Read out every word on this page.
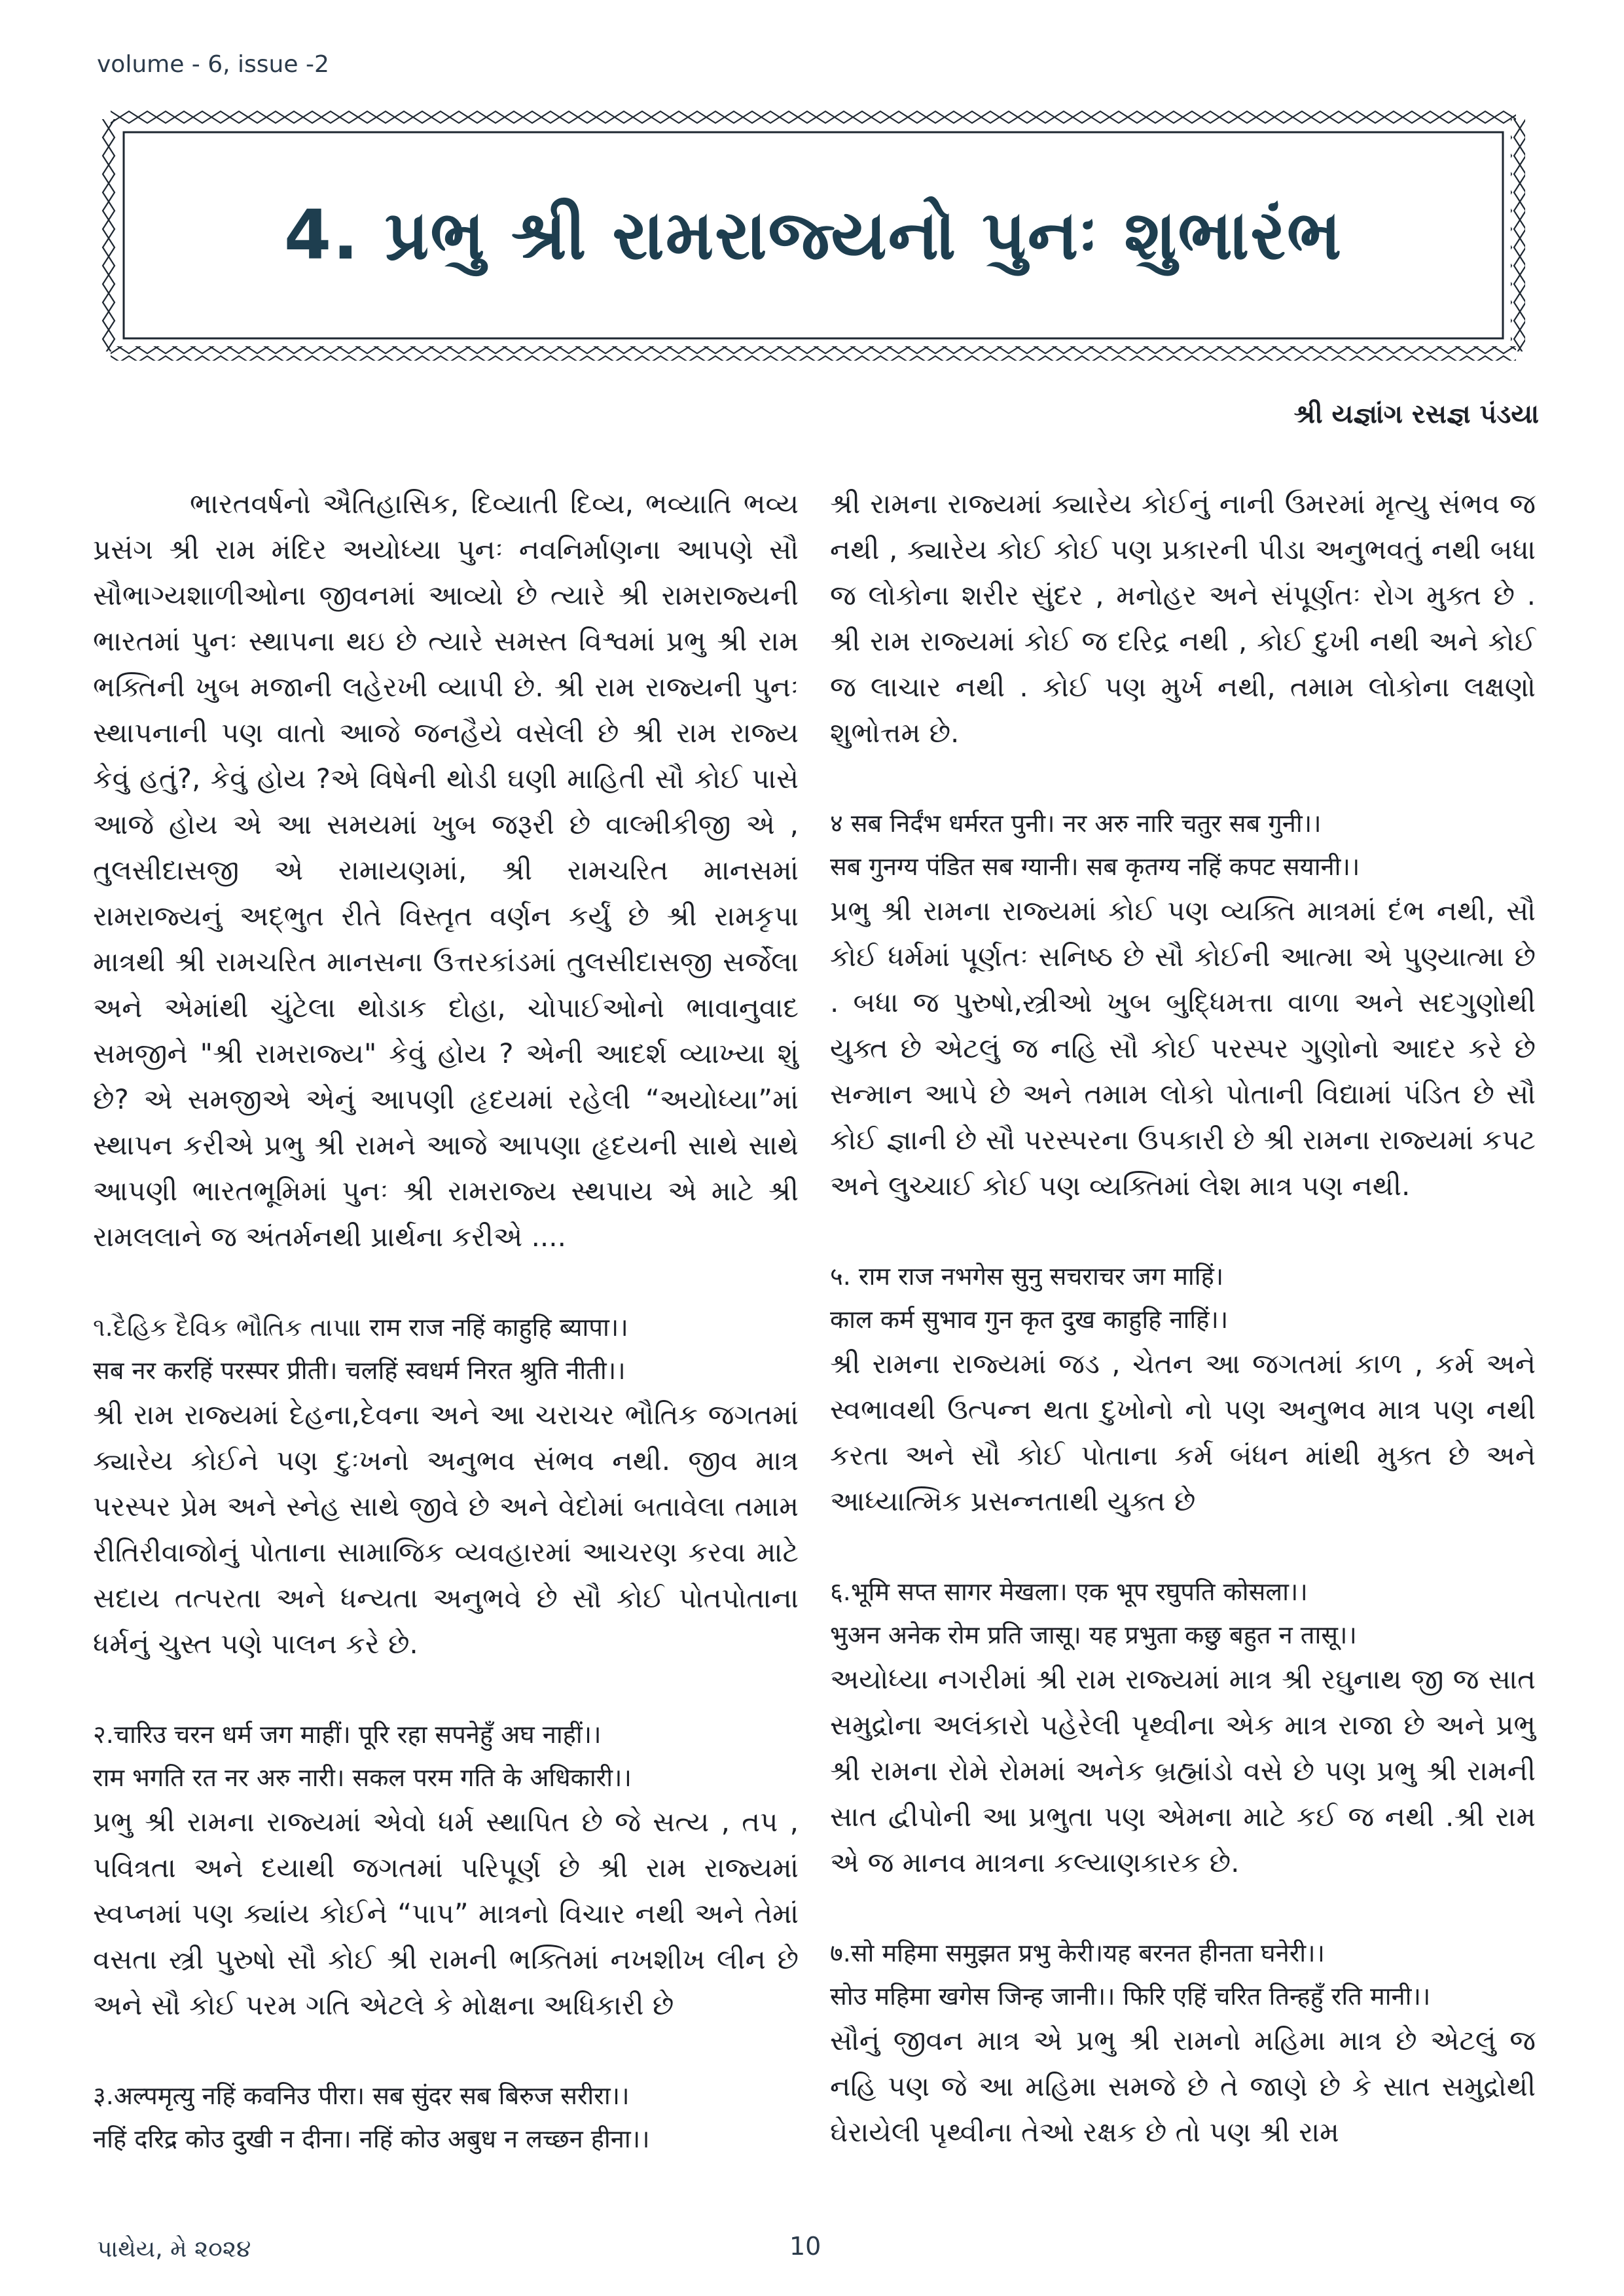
volume - 6, issue -2
4. પ્રભુ શ્રી રામરાજ્યનો પુનઃ શુભારંભ
શ્રી યજ્ઞાંગ રસજ્ઞ પંડયા

ભારતવર્ષનો ઐતિહાસિક, દિવ્યાતી દિવ્ય, ભવ્યાતિ ભવ્ય પ્રસંગ શ્રી રામ મંદિર અયોધ્યા પુનઃ નવનિર્માણના આપણે સૌ સૌભાગ્યશાળીઓના જીવનમાં આવ્યો છે ત્યારે શ્રી રામરાજ્યની ભારતમાં પુનઃ સ્થાપના થઇ છે ત્યારે સમસ્ત વિશ્વમાં પ્રભુ શ્રી રામ ભક્તિની ખુબ મજાની લહેરખી વ્યાપી છે. શ્રી રામ રાજ્યની પુનઃ સ્થાપનાની પણ વાતો આજે જનહૈયે વસેલી છે શ્રી રામ રાજ્ય કેવું હતું?, કેવું હોય ?એ વિષેની થોડી ઘણી માહિતી સૌ કોઈ પાસે આજે હોય એ આ સમયમાં ખુબ જરૂરી છે વાલ્મીકીજી એ , તુલસીદાસજી એ રામાયણમાં, શ્રી રામચરિત માનસમાં રામરાજ્યનું અદ્ભુત રીતે વિસ્તૃત વર્ણન કર્યું છે શ્રી રામકૃપા માત્રથી શ્રી રામચરિત માનસના ઉત્તરકાંડમાં તુલસીદાસજી સર્જેલા અને એમાંથી ચુંટેલા થોડાક દોહા, ચોપાઈઓનો ભાવાનુવાદ સમજીને "શ્રી રામરાજ્ય" કેવું હોય ? એની આદર્શ વ્યાખ્યા શું છે? એ સમજીએ એનું આપણી હૃદયમાં રહેલી “અયોધ્યા”માં સ્થાપન કરીએ પ્રભુ શ્રી રામને આજે આપણા હૃદયની સાથે સાથે આપણી ભારતભૂમિમાં પુનઃ શ્રી રામરાજ્ય સ્થપાય એ માટે શ્રી રામલલાને જ અંતર્મનથી પ્રાર્થના કરીએ ....

૧.દૈહિક દૈવિક ભૌતિક તાપા। राम राज नहिं काहुहि ब्यापा।।

सब नर करहिं परस्पर प्रीती। चलहिं स्वधर्म निरत श्रुति नीती।।

શ્રી રામ રાજ્યમાં દેહના,દેવના અને આ ચરાચર ભૌતિક જગતમાં ક્યારેય કોઈને પણ દુઃખનો અનુભવ સંભવ નથી. જીવ માત્ર પરસ્પર પ્રેમ અને સ્નેહ સાથે જીવે છે અને વેદોમાં બતાવેલા તમામ રીતિરીવાજોનું પોતાના સામાજિક વ્યવહારમાં આચરણ કરવા માટે સદાય તત્પરતા અને ધન્યતા અનુભવે છે સૌ કોઈ પોતપોતાના ધર્મનું ચુસ્ત પણે પાલન કરે છે.

२.चारिउ चरन धर्म जग माहीं। पूरि रहा सपनेहुँ अघ नाहीं।।

राम भगति रत नर अरु नारी। सकल परम गति के अधिकारी।।

પ્રભુ શ્રી રામના રાજ્યમાં એવો ધર્મ સ્થાપિત છે જે સત્ય , તપ , પવિત્રતા અને દયાથી જગતમાં પરિપૂર્ણ છે શ્રી રામ રાજ્યમાં સ્વપ્નમાં પણ ક્યાંય કોઈને “પાપ” માત્રનો વિચાર નથી અને તેમાં વસતા સ્ત્રી પુરુષો સૌ કોઈ શ્રી રામની ભક્તિમાં નખશીખ લીન છે અને સૌ કોઈ પરમ ગતિ એટલે કે મોક્ષના અધિકારી છે

३.अल्पमृत्यु नहिं कवनिउ पीरा। सब सुंदर सब बिरुज सरीरा।।

नहिं दरिद्र कोउ दुखी न दीना। नहिं कोउ अबुध न लच्छन हीना।।

શ્રી રામના રાજ્યમાં ક્યારેય કોઈનું નાની ઉમરમાં મૃત્યુ સંભવ જ નથી , ક્યારેય કોઈ કોઈ પણ પ્રકારની પીડા અનુભવતું નથી બધા જ લોકોના શરીર સુંદર , મનોહર અને સંપૂર્ણતઃ રોગ મુક્ત છે . શ્રી રામ રાજ્યમાં કોઈ જ દરિદ્ર નથી , કોઈ દુખી નથી અને કોઈ જ લાચાર નથી . કોઈ પણ મુર્ખ નથી, તમામ લોકોના લક્ષણો શુભોત્તમ છે.

४ सब निर्दंभ धर्मरत पुनी। नर अरु नारि चतुर सब गुनी।।

सब गुनग्य पंडित सब ग्यानी। सब कृतग्य नहिं कपट सयानी।।

પ્રભુ શ્રી રામના રાજ્યમાં કોઈ પણ વ્યક્તિ માત્રમાં દંભ નથી, સૌ કોઈ ધર્મમાં પૂર્ણતઃ સનિષ્ઠ છે સૌ કોઈની આત્મા એ પુણ્યાત્મા છે . બધા જ પુરુષો,સ્ત્રીઓ ખુબ બુદ્ધિમત્તા વાળા અને સદગુણોથી યુક્ત છે એટલું જ નહિ સૌ કોઈ પરસ્પર ગુણોનો આદર કરે છે સન્માન આપે છે અને તમામ લોકો પોતાની વિદ્યામાં પંડિત છે સૌ કોઈ જ્ઞાની છે સૌ પરસ્પરના ઉપકારી છે શ્રી રામના રાજ્યમાં કપટ અને લુચ્ચાઈ કોઈ પણ વ્યક્તિમાં લેશ માત્ર પણ નથી.

५. राम राज नभगेस सुनु सचराचर जग माहिं।

काल कर्म सुभाव गुन कृत दुख काहुहि नाहिं।।

શ્રી રામના રાજ્યમાં જડ , ચેતન આ જગતમાં કાળ , કર્મ અને સ્વભાવથી ઉત્પન્ન થતા દુખોનો નો પણ અનુભવ માત્ર પણ નથી કરતા અને સૌ કોઈ પોતાના કર્મ બંધન માંથી મુક્ત છે અને આધ્યાત્મિક પ્રસન્નતાથી યુક્ત છે

६.भूमि सप्त सागर मेखला। एक भूप रघुपति कोसला।।

भुअन अनेक रोम प्रति जासू। यह प्रभुता कछु बहुत न तासू।।

અયોધ્યા નગરીમાં શ્રી રામ રાજ્યમાં માત્ર શ્રી રઘુનાથ જી જ સાત સમુદ્રોના અલંકારો પહેરેલી પૃથ્વીના એક માત્ર રાજા છે અને પ્રભુ શ્રી રામના રોમે રોમમાં અનેક બ્રહ્માંડો વસે છે પણ પ્રભુ શ્રી રામની સાત દ્વીપોની આ પ્રભુતા પણ એમના માટે કઈ જ નથી .શ્રી રામ એ જ માનવ માત્રના કલ્યાણકારક છે.

७.सो महिमा समुझत प्रभु केरी।यह बरनत हीनता घनेरी।।

सोउ महिमा खगेस जिन्ह जानी।। फिरि एहिं चरित तिन्हहुँ रति मानी।।

સૌનું જીવન માત્ર એ પ્રભુ શ્રી રામનો મહિમા માત્ર છે એટલું જ નહિ પણ જે આ મહિમા સમજે છે તે જાણે છે કે સાત સમુદ્રોથી ઘેરાયેલી પૃથ્વીના તેઓ રક્ષક છે તો પણ શ્રી રામ

પાથેય, મે ૨૦૨૪	10
